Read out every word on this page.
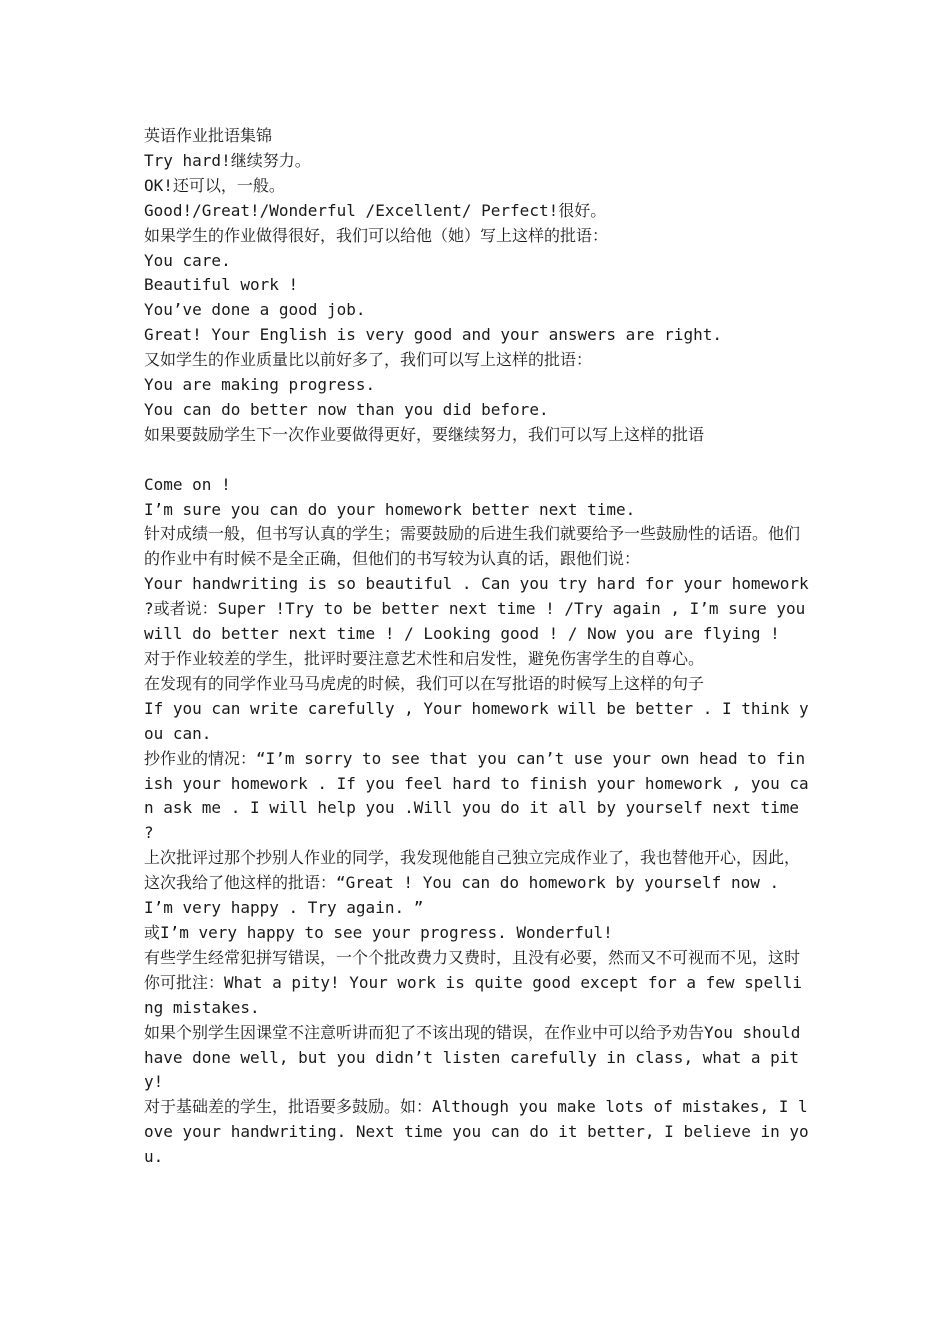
英语作业批语集锦

Try hard!继续努力。

OK!还可以，一般。

Good!/Great!/Wonderful /Excellent/ Perfect!很好。

如果学生的作业做得很好，我们可以给他（她）写上这样的批语：

You care.

Beautiful work !

You’ve done a good job.

Great! Your English is very good and your answers are right.

又如学生的作业质量比以前好多了，我们可以写上这样的批语：

You are making progress.

You can do better now than you did before.

如果要鼓励学生下一次作业要做得更好，要继续努力，我们可以写上这样的批语

Come on !

I’m sure you can do your homework better next time.

针对成绩一般，但书写认真的学生；需要鼓励的后进生我们就要给予一些鼓励性的话语。他们的作业中有时候不是全正确，但他们的书写较为认真的话，跟他们说：

Your handwriting is so beautiful . Can you try hard for your homework ?或者说：Super !Try to be better next time ! /Try again , I’m sure you will do better next time ! / Looking good ! / Now you are flying !

对于作业较差的学生，批评时要注意艺术性和启发性，避免伤害学生的自尊心。

在发现有的同学作业马马虎虎的时候，我们可以在写批语的时候写上这样的句子

If you can write carefully , Your homework will be better . I think you can.

抄作业的情况：“I’m sorry to see that you can’t use your own head to finish your homework . If you feel hard to finish your homework , you can ask me . I will help you .Will you do it all by yourself next time ?

上次批评过那个抄别人作业的同学，我发现他能自己独立完成作业了，我也替他开心，因此，这次我给了他这样的批语：“Great ! You can do homework by yourself now . I’m very happy . Try again. ”

或I’m very happy to see your progress. Wonderful!

有些学生经常犯拼写错误，一个个批改费力又费时，且没有必要，然而又不可视而不见，这时你可批注：What a pity! Your work is quite good except for a few spelling mistakes.

如果个别学生因课堂不注意听讲而犯了不该出现的错误，在作业中可以给予劝告You should have done well, but you didn’t listen carefully in class, what a pity!

对于基础差的学生，批语要多鼓励。如：Although you make lots of mistakes, I love your handwriting. Next time you can do it better, I believe in you.
